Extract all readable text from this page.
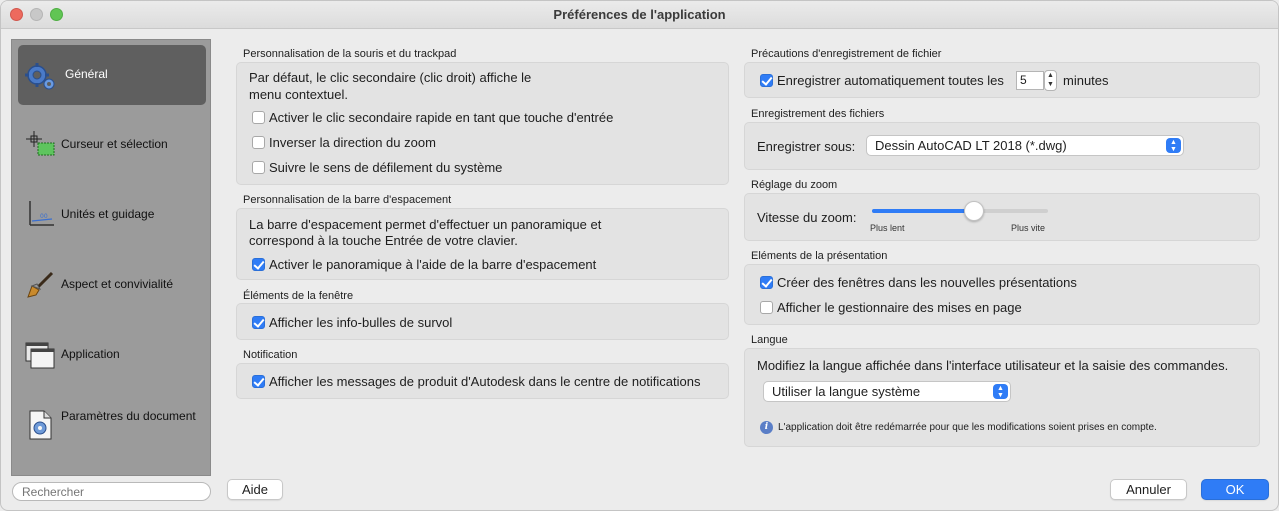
Préférences de l'application
Général
Curseur et sélection
00 Unités et guidage
Aspect et convivialité
Application
Paramètres du document
Rechercher
Personnalisation de la souris et du trackpad
Par défaut, le clic secondaire (clic droit) affiche le
menu contextuel.
Activer le clic secondaire rapide en tant que touche d'entrée
Inverser la direction du zoom
Suivre le sens de défilement du système
Personnalisation de la barre d'espacement
La barre d'espacement permet d'effectuer un panoramique et
correspond à la touche Entrée de votre clavier.
Activer le panoramique à l'aide de la barre d'espacement
Éléments de la fenêtre
Afficher les info-bulles de survol
Notification
Afficher les messages de produit d'Autodesk dans le centre de notifications
Précautions d'enregistrement de fichier
Enregistrer automatiquement toutes les	5	▲
▼ minutes
Enregistrement des fichiers
Enregistrer sous:	Dessin AutoCAD LT 2018 (*.dwg)	▲
▼
Réglage du zoom
Vitesse du zoom:
Plus lent	Plus vite
Eléments de la présentation
Créer des fenêtres dans les nouvelles présentations
Afficher le gestionnaire des mises en page
Langue
Modifiez la langue affichée dans l'interface utilisateur et la saisie des commandes.
Utiliser la langue système	▲
▼
i L'application doit être redémarrée pour que les modifications soient prises en compte.
Aide	Annuler	OK
